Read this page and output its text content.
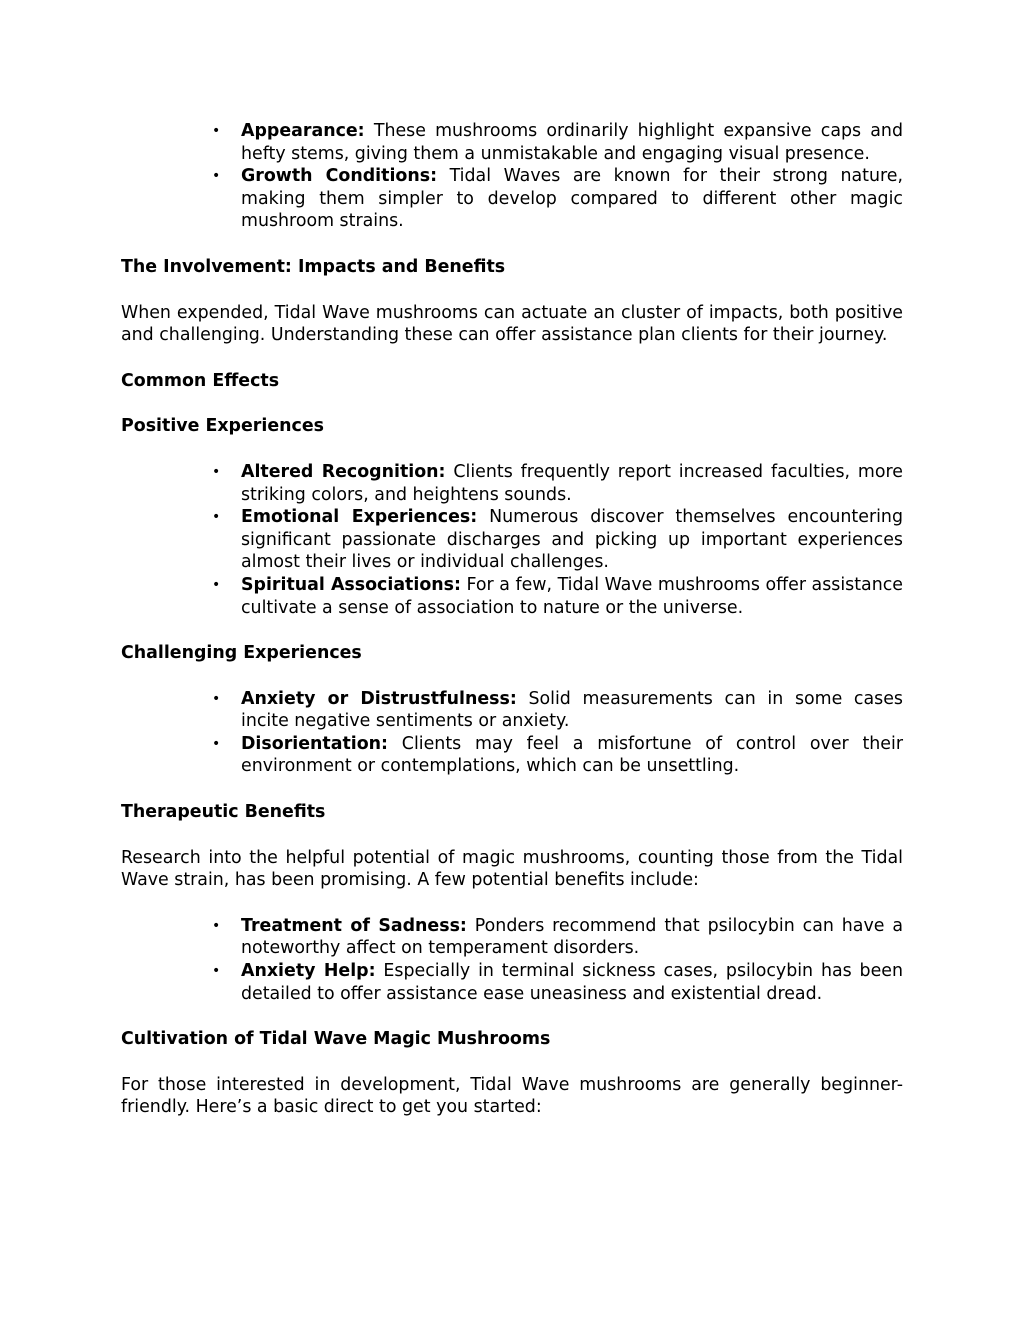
• Appearance: These mushrooms ordinarily highlight expansive caps and hefty stems, giving them a unmistakable and engaging visual presence.
• Growth Conditions: Tidal Waves are known for their strong nature, making them simpler to develop compared to different other magic mushroom strains.

The Involvement: Impacts and Benefits

When expended, Tidal Wave mushrooms can actuate an cluster of impacts, both positive and challenging. Understanding these can offer assistance plan clients for their journey.

Common Effects

Positive Experiences

• Altered Recognition: Clients frequently report increased faculties, more striking colors, and heightens sounds.
• Emotional Experiences: Numerous discover themselves encountering significant passionate discharges and picking up important experiences almost their lives or individual challenges.
• Spiritual Associations: For a few, Tidal Wave mushrooms offer assistance cultivate a sense of association to nature or the universe.

Challenging Experiences

• Anxiety or Distrustfulness: Solid measurements can in some cases incite negative sentiments or anxiety.
• Disorientation: Clients may feel a misfortune of control over their environment or contemplations, which can be unsettling.

Therapeutic Benefits

Research into the helpful potential of magic mushrooms, counting those from the Tidal Wave strain, has been promising. A few potential benefits include:

• Treatment of Sadness: Ponders recommend that psilocybin can have a noteworthy affect on temperament disorders.
• Anxiety Help: Especially in terminal sickness cases, psilocybin has been detailed to offer assistance ease uneasiness and existential dread.

Cultivation of Tidal Wave Magic Mushrooms

For those interested in development, Tidal Wave mushrooms are generally beginner-friendly. Here’s a basic direct to get you started:
